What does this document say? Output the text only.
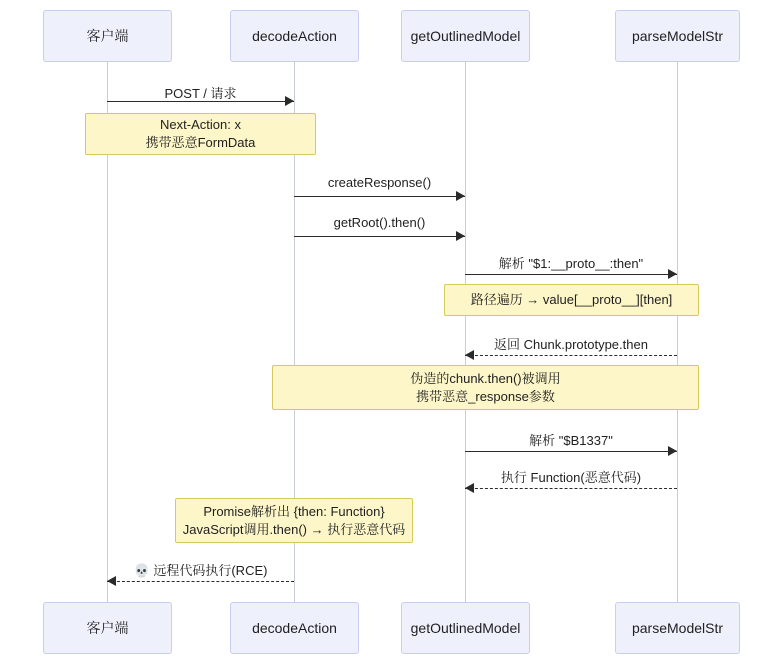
客户端	decodeAction	getOutlinedModel	parseModelStr
客户端	decodeAction	getOutlinedModel	parseModelStr
POST / 请求
Next-Action: x
携带恶意FormData
createResponse()
getRoot().then()
解析 "$1:__proto__:then"
路径遍历 → value[__proto__][then]
返回 Chunk.prototype.then
伪造的chunk.then()被调用
携带恶意_response参数
解析 "$B1337"
执行 Function(恶意代码)
Promise解析出 {then: Function}
JavaScript调用.then() → 执行恶意代码
💀 远程代码执行(RCE)
